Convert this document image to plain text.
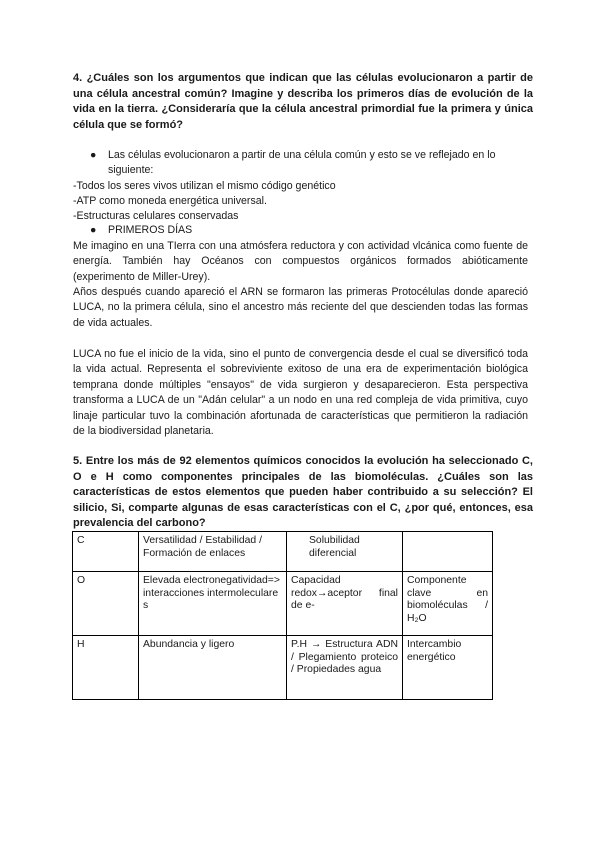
4. ¿Cuáles son los argumentos que indican que las células evolucionaron a partir de una célula ancestral común? Imagine y describa los primeros días de evolución de la vida en la tierra. ¿Consideraría que la célula ancestral primordial fue la primera y única célula que se formó?
●	Las células evolucionaron a partir de una célula común y esto se ve reflejado en lo siguiente:
-Todos los seres vivos utilizan el mismo código genético
-ATP como moneda energética universal.
-Estructuras celulares conservadas
●	PRIMEROS DÍAS
Me imagino en una TIerra con una atmósfera reductora y con actividad vlcánica como fuente de energía. También hay Océanos con compuestos orgánicos formados abióticamente (experimento de Miller-Urey).
Años después cuando apareció el ARN se formaron las primeras Protocélulas donde apareció LUCA, no la primera célula, sino el ancestro más reciente del que descienden todas las formas de vida actuales.
LUCA no fue el inicio de la vida, sino el punto de convergencia desde el cual se diversificó toda la vida actual. Representa el sobreviviente exitoso de una era de experimentación biológica temprana donde múltiples "ensayos" de vida surgieron y desaparecieron. Esta perspectiva transforma a LUCA de un "Adán celular" a un nodo en una red compleja de vida primitiva, cuyo linaje particular tuvo la combinación afortunada de características que permitieron la radiación de la biodiversidad planetaria.
5. Entre los más de 92 elementos químicos conocidos la evolución ha seleccionado C, O e H como componentes principales de las biomoléculas. ¿Cuáles son las características de estos elementos que pueden haber contribuido a su selección? El silicio, Si, comparte algunas de esas características con el C, ¿por qué, entonces, esa prevalencia del carbono?
C	Versatilidad / Estabilidad / Formación de enlaces	Solubilidad diferencial	
O	Elevada electronegatividad=>interacciones intermoleculares	Capacidad redox→aceptor final de e-	Componente clave en biomoléculas / H₂O
H	Abundancia y ligero	P.H → Estructura ADN / Plegamiento proteico / Propiedades agua	Intercambio energético
